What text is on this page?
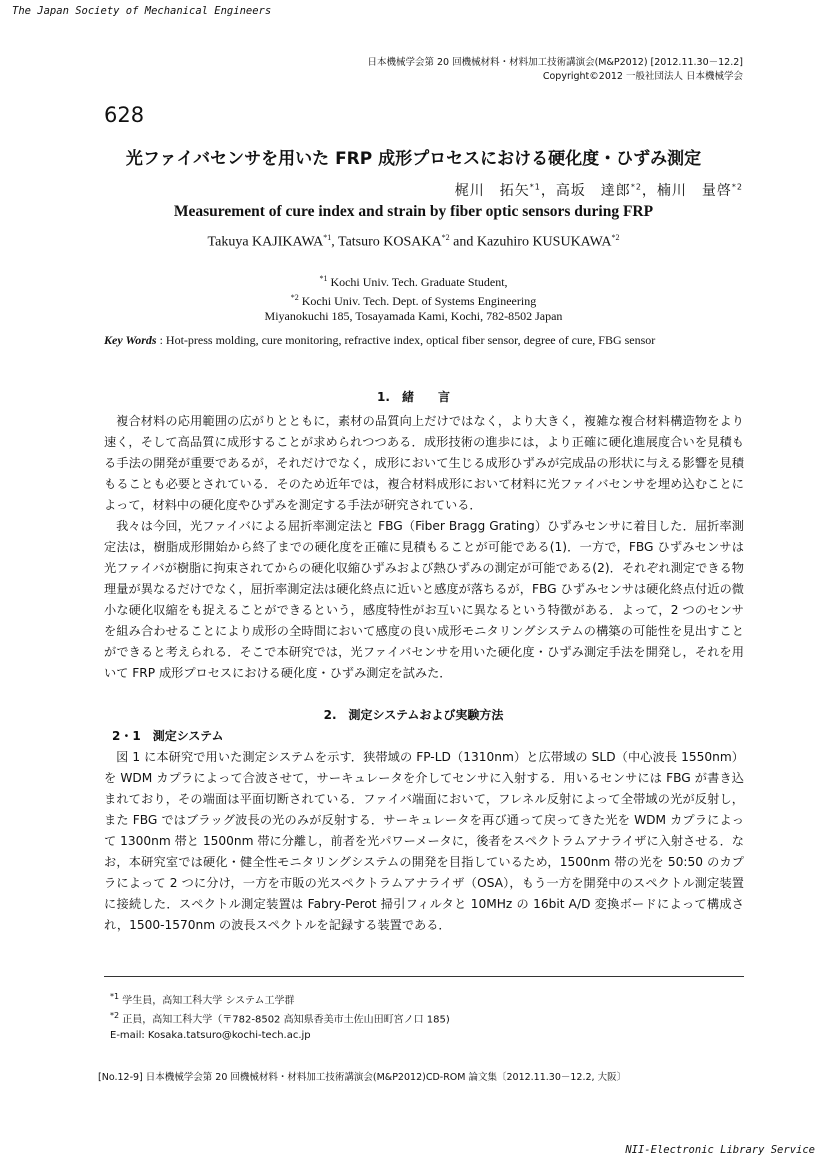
The Japan Society of Mechanical Engineers
日本機械学会第 20 回機械材料・材料加工技術講演会(M&P2012) [2012.11.30－12.2]
Copyright©2012 一般社団法人 日本機械学会
628
光ファイバセンサを用いた FRP 成形プロセスにおける硬化度・ひずみ測定
梶川　拓矢$^{*1}$，高坂　達郎$^{*2}$，楠川　量啓$^{*2}$
Measurement of cure index and strain by fiber optic sensors during FRP
Takuya KAJIKAWA$^{*1}$, Tatsuro KOSAKA$^{*2}$ and Kazuhiro KUSUKAWA$^{*2}$
$^{*1}$ Kochi Univ. Tech. Graduate Student,
$^{*2}$ Kochi Univ. Tech. Dept. of Systems Engineering
Miyanokuchi 185, Tosayamada Kami, Kochi, 782-8502 Japan
Key Words : Hot-press molding, cure monitoring, refractive index, optical fiber sensor, degree of cure, FBG sensor
1.　緒　　言
複合材料の応用範囲の広がりとともに，素材の品質向上だけではなく，より大きく，複雑な複合材料構造物をより速く，そして高品質に成形することが求められつつある．成形技術の進歩には，より正確に硬化進展度合いを見積もる手法の開発が重要であるが，それだけでなく，成形において生じる成形ひずみが完成品の形状に与える影響を見積もることも必要とされている．そのため近年では，複合材料成形において材料に光ファイバセンサを埋め込むことによって，材料中の硬化度やひずみを測定する手法が研究されている．
我々は今回，光ファイバによる屈折率測定法と FBG（Fiber Bragg Grating）ひずみセンサに着目した．屈折率測定法は，樹脂成形開始から終了までの硬化度を正確に見積もることが可能である(1)．一方で，FBG ひずみセンサは光ファイバが樹脂に拘束されてからの硬化収縮ひずみおよび熱ひずみの測定が可能である(2)．それぞれ測定できる物理量が異なるだけでなく，屈折率測定法は硬化終点に近いと感度が落ちるが，FBG ひずみセンサは硬化終点付近の微小な硬化収縮をも捉えることができるという，感度特性がお互いに異なるという特徴がある．よって，2 つのセンサを組み合わせることにより成形の全時間において感度の良い成形モニタリングシステムの構築の可能性を見出すことができると考えられる．そこで本研究では，光ファイバセンサを用いた硬化度・ひずみ測定手法を開発し，それを用いて FRP 成形プロセスにおける硬化度・ひずみ測定を試みた．
2.　測定システムおよび実験方法
2・1　測定システム
図 1 に本研究で用いた測定システムを示す．狭帯域の FP-LD（1310nm）と広帯域の SLD（中心波長 1550nm）を WDM カプラによって合波させて，サーキュレータを介してセンサに入射する．用いるセンサには FBG が書き込まれており，その端面は平面切断されている．ファイバ端面において，フレネル反射によって全帯域の光が反射し，また FBG ではブラッグ波長の光のみが反射する．サーキュレータを再び通って戻ってきた光を WDM カプラによって 1300nm 帯と 1500nm 帯に分離し，前者を光パワーメータに，後者をスペクトラムアナライザに入射させる．なお，本研究室では硬化・健全性モニタリングシステムの開発を目指しているため，1500nm 帯の光を 50:50 のカプラによって 2 つに分け，一方を市販の光スペクトラムアナライザ（OSA），もう一方を開発中のスペクトル測定装置に接続した．スペクトル測定装置は Fabry-Perot 掃引フィルタと 10MHz の 16bit A/D 変換ボードによって構成され，1500-1570nm の波長スペクトルを記録する装置である．
$^{*1}$ 学生員，高知工科大学 システム工学群
$^{*2}$ 正員，高知工科大学（〒782-8502 高知県香美市土佐山田町宮ノ口 185)
E-mail: Kosaka.tatsuro@kochi-tech.ac.jp
[No.12-9] 日本機械学会第 20 回機械材料・材料加工技術講演会(M&P2012)CD-ROM 論文集〔2012.11.30－12.2, 大阪〕
NII-Electronic Library Service
